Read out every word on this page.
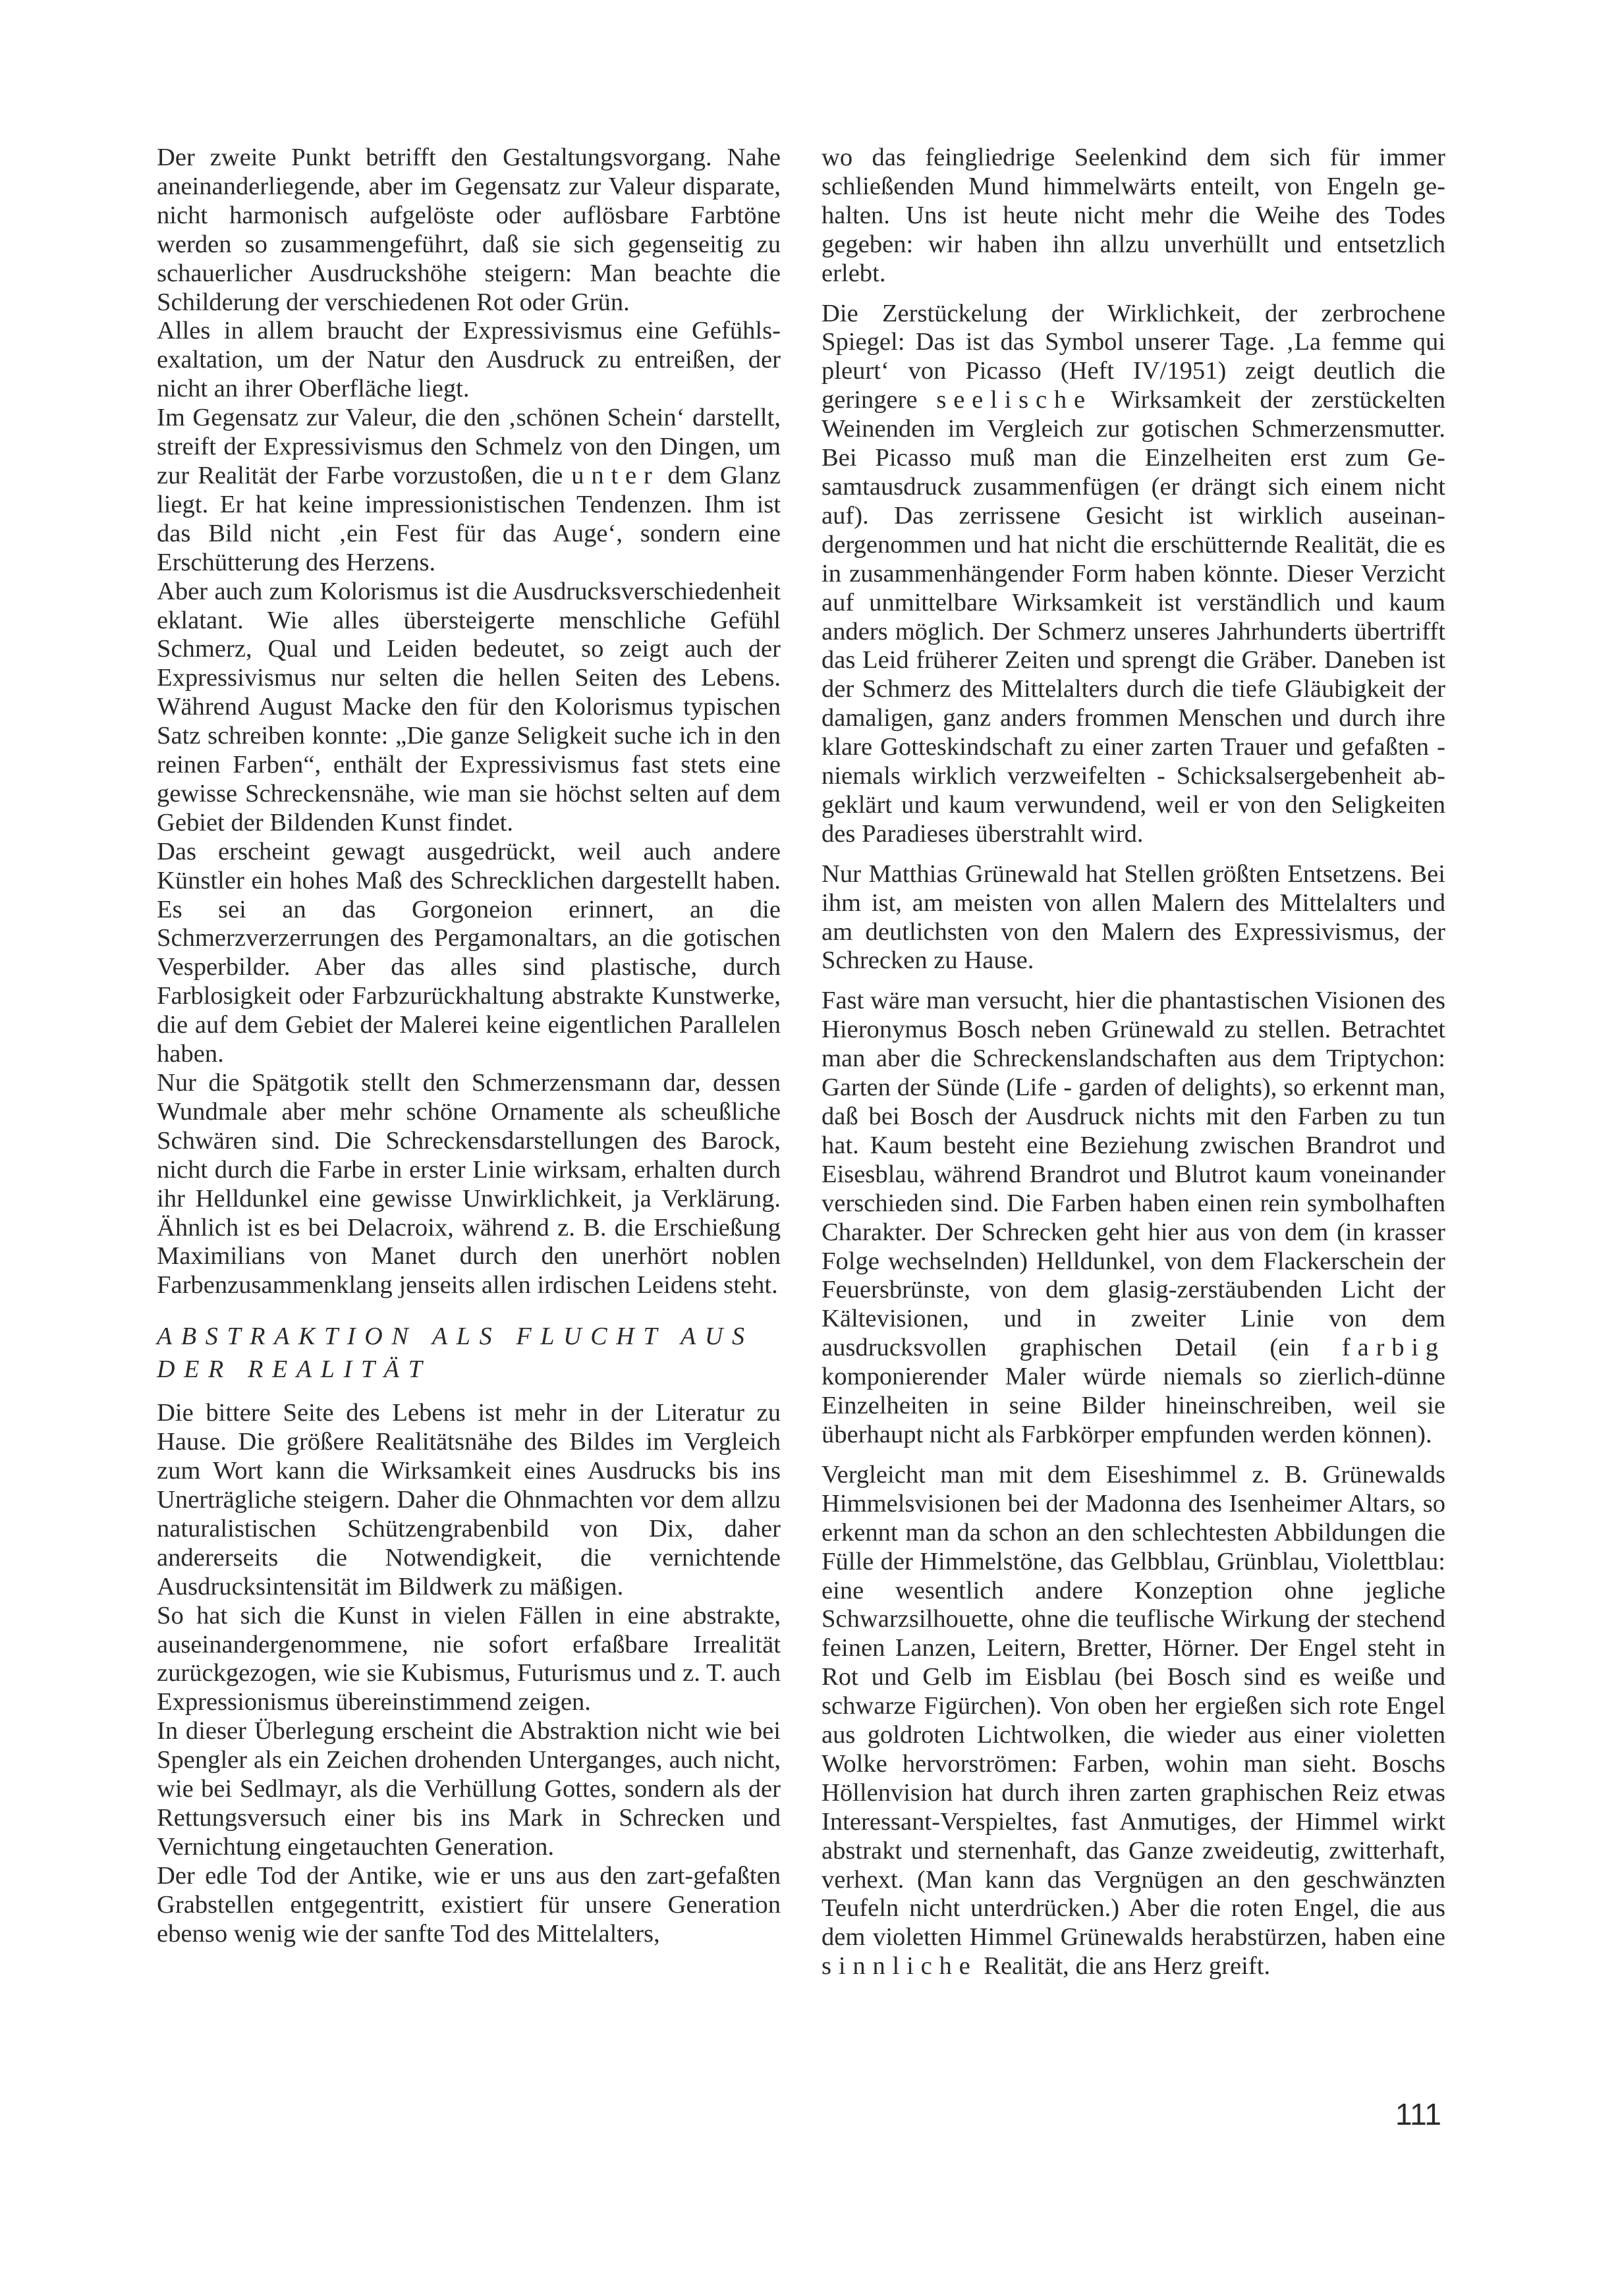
Der zweite Punkt betrifft den Gestaltungsvorgang. Nahe aneinanderliegende, aber im Gegensatz zur Valeur disparate, nicht harmonisch aufgelöste oder auflösbare Farbtöne werden so zusammengeführt, daß sie sich gegenseitig zu schauerlicher Ausdruckshöhe steigern: Man beachte die Schilderung der verschiedenen Rot oder Grün.

Alles in allem braucht der Expressivismus eine Gefühlsexaltation, um der Natur den Ausdruck zu entreißen, der nicht an ihrer Oberfläche liegt.

Im Gegensatz zur Valeur, die den ‚schönen Schein‘ darstellt, streift der Expressivismus den Schmelz von den Dingen, um zur Realität der Farbe vorzustoßen, die unter dem Glanz liegt. Er hat keine impressionistischen Tendenzen. Ihm ist das Bild nicht ‚ein Fest für das Auge‘, sondern eine Erschütterung des Herzens.

Aber auch zum Kolorismus ist die Ausdrucksverschiedenheit eklatant. Wie alles übersteigerte menschliche Gefühl Schmerz, Qual und Leiden bedeutet, so zeigt auch der Expressivismus nur selten die hellen Seiten des Lebens. Während August Macke den für den Kolorismus typischen Satz schreiben konnte: „Die ganze Seligkeit suche ich in den reinen Farben“, enthält der Expressivismus fast stets eine gewisse Schreckensnähe, wie man sie höchst selten auf dem Gebiet der Bildenden Kunst findet.

Das erscheint gewagt ausgedrückt, weil auch andere Künstler ein hohes Maß des Schrecklichen dargestellt haben. Es sei an das Gorgoneion erinnert, an die Schmerzverzerrungen des Pergamonaltars, an die gotischen Vesperbilder. Aber das alles sind plastische, durch Farblosigkeit oder Farbzurückhaltung abstrakte Kunstwerke, die auf dem Gebiet der Malerei keine eigentlichen Parallelen haben.

Nur die Spätgotik stellt den Schmerzensmann dar, dessen Wundmale aber mehr schöne Ornamente als scheußliche Schwären sind. Die Schreckensdarstellungen des Barock, nicht durch die Farbe in erster Linie wirksam, erhalten durch ihr Helldunkel eine gewisse Unwirklichkeit, ja Verklärung. Ähnlich ist es bei Delacroix, während z. B. die Erschießung Maximilians von Manet durch den unerhört noblen Farbenzusammenklang jenseits allen irdischen Leidens steht.

ABSTRAKTION ALS FLUCHT AUS DER REALITÄT

Die bittere Seite des Lebens ist mehr in der Literatur zu Hause. Die größere Realitätsnähe des Bildes im Vergleich zum Wort kann die Wirksamkeit eines Ausdrucks bis ins Unerträgliche steigern. Daher die Ohnmachten vor dem allzu naturalistischen Schützengrabenbild von Dix, daher andererseits die Notwendigkeit, die vernichtende Ausdrucksintensität im Bildwerk zu mäßigen.

So hat sich die Kunst in vielen Fällen in eine abstrakte, auseinandergenommene, nie sofort erfaßbare Irrealität zurückgezogen, wie sie Kubismus, Futurismus und z. T. auch Expressionismus übereinstimmend zeigen.

In dieser Überlegung erscheint die Abstraktion nicht wie bei Spengler als ein Zeichen drohenden Unterganges, auch nicht, wie bei Sedlmayr, als die Verhüllung Gottes, sondern als der Rettungsversuch einer bis ins Mark in Schrecken und Vernichtung eingetauchten Generation.

Der edle Tod der Antike, wie er uns aus den zart-gefaßten Grabstellen entgegentritt, existiert für unsere Generation ebenso wenig wie der sanfte Tod des Mittelalters,

wo das feingliedrige Seelenkind dem sich für immer schließenden Mund himmelwärts enteilt, von Engeln gehalten. Uns ist heute nicht mehr die Weihe des Todes gegeben: wir haben ihn allzu unverhüllt und entsetzlich erlebt.

Die Zerstückelung der Wirklichkeit, der zerbrochene Spiegel: Das ist das Symbol unserer Tage. ‚La femme qui pleurt‘ von Picasso (Heft IV/1951) zeigt deutlich die geringere seelische Wirksamkeit der zerstückelten Weinenden im Vergleich zur gotischen Schmerzensmutter. Bei Picasso muß man die Einzelheiten erst zum Gesamtausdruck zusammenfügen (er drängt sich einem nicht auf). Das zerrissene Gesicht ist wirklich auseinandergenommen und hat nicht die erschütternde Realität, die es in zusammenhängender Form haben könnte. Dieser Verzicht auf unmittelbare Wirksamkeit ist verständlich und kaum anders möglich. Der Schmerz unseres Jahrhunderts übertrifft das Leid früherer Zeiten und sprengt die Gräber. Daneben ist der Schmerz des Mittelalters durch die tiefe Gläubigkeit der damaligen, ganz anders frommen Menschen und durch ihre klare Gotteskindschaft zu einer zarten Trauer und gefaßten - niemals wirklich verzweifelten - Schicksalsergebenheit abgeklärt und kaum verwundend, weil er von den Seligkeiten des Paradieses überstrahlt wird.

Nur Matthias Grünewald hat Stellen größten Entsetzens. Bei ihm ist, am meisten von allen Malern des Mittelalters und am deutlichsten von den Malern des Expressivismus, der Schrecken zu Hause.

Fast wäre man versucht, hier die phantastischen Visionen des Hieronymus Bosch neben Grünewald zu stellen. Betrachtet man aber die Schreckenslandschaften aus dem Triptychon: Garten der Sünde (Life - garden of delights), so erkennt man, daß bei Bosch der Ausdruck nichts mit den Farben zu tun hat. Kaum besteht eine Beziehung zwischen Brandrot und Eisesblau, während Brandrot und Blutrot kaum voneinander verschieden sind. Die Farben haben einen rein symbolhaften Charakter. Der Schrecken geht hier aus von dem (in krasser Folge wechselnden) Helldunkel, von dem Flackerschein der Feuersbrünste, von dem glasig-zerstäubenden Licht der Kältevisionen, und in zweiter Linie von dem ausdrucksvollen graphischen Detail (ein farbig komponierender Maler würde niemals so zierlich-dünne Einzelheiten in seine Bilder hineinschreiben, weil sie überhaupt nicht als Farbkörper empfunden werden können).

Vergleicht man mit dem Eiseshimmel z. B. Grünewalds Himmelsvisionen bei der Madonna des Isenheimer Altars, so erkennt man da schon an den schlechtesten Abbildungen die Fülle der Himmelstöne, das Gelbblau, Grünblau, Violettblau: eine wesentlich andere Konzeption ohne jegliche Schwarzsilhouette, ohne die teuflische Wirkung der stechend feinen Lanzen, Leitern, Bretter, Hörner. Der Engel steht in Rot und Gelb im Eisblau (bei Bosch sind es weiße und schwarze Figürchen). Von oben her ergießen sich rote Engel aus goldroten Lichtwolken, die wieder aus einer violetten Wolke hervorströmen: Farben, wohin man sieht. Boschs Höllenvision hat durch ihren zarten graphischen Reiz etwas Interessant-Verspieltes, fast Anmutiges, der Himmel wirkt abstrakt und sternenhaft, das Ganze zweideutig, zwitterhaft, verhext. (Man kann das Vergnügen an den geschwänzten Teufeln nicht unterdrücken.) Aber die roten Engel, die aus dem violetten Himmel Grünewalds herabstürzen, haben eine sinnliche Realität, die ans Herz greift.

111
